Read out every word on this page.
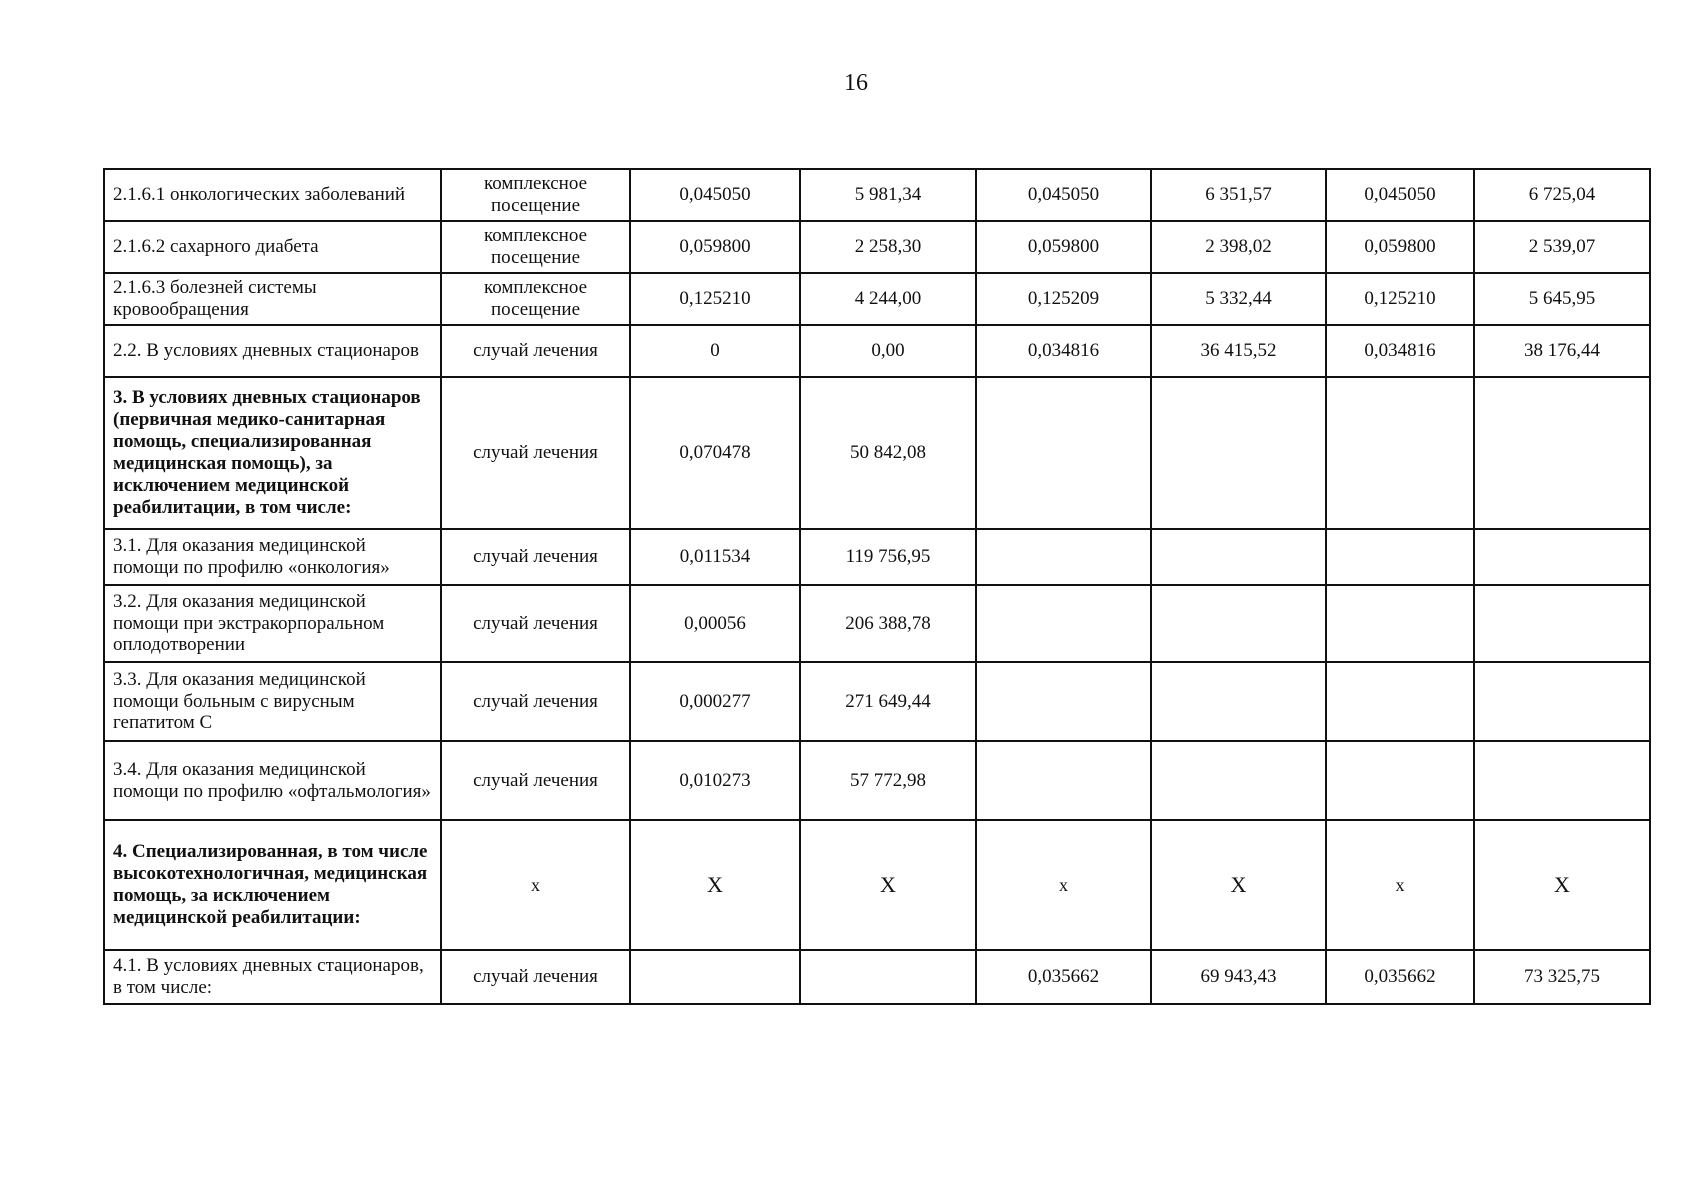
16
2.1.6.1 онкологических заболеваний	комплексное посещение	0,045050	5 981,34	0,045050	6 351,57	0,045050	6 725,04
2.1.6.2 сахарного диабета	комплексное посещение	0,059800	2 258,30	0,059800	2 398,02	0,059800	2 539,07
2.1.6.3 болезней системы кровообращения	комплексное посещение	0,125210	4 244,00	0,125209	5 332,44	0,125210	5 645,95
2.2. В условиях дневных стационаров	случай лечения	0	0,00	0,034816	36 415,52	0,034816	38 176,44
3. В условиях дневных стационаров (первичная медико-санитарная помощь, специализированная медицинская помощь), за исключением медицинской реабилитации, в том числе:	случай лечения	0,070478	50 842,08				
3.1. Для оказания медицинской помощи по профилю «онкология»	случай лечения	0,011534	119 756,95				
3.2. Для оказания медицинской помощи при экстракорпоральном оплодотворении	случай лечения	0,00056	206 388,78				
3.3. Для оказания медицинской помощи больным с вирусным гепатитом С	случай лечения	0,000277	271 649,44				
3.4. Для оказания медицинской помощи по профилю «офтальмология»	случай лечения	0,010273	57 772,98				
4. Специализированная, в том числе высокотехнологичная, медицинская помощь, за исключением медицинской реабилитации:	х	Х	Х	х	Х	х	Х
4.1. В условиях дневных стационаров, в том числе:	случай лечения			0,035662	69 943,43	0,035662	73 325,75
